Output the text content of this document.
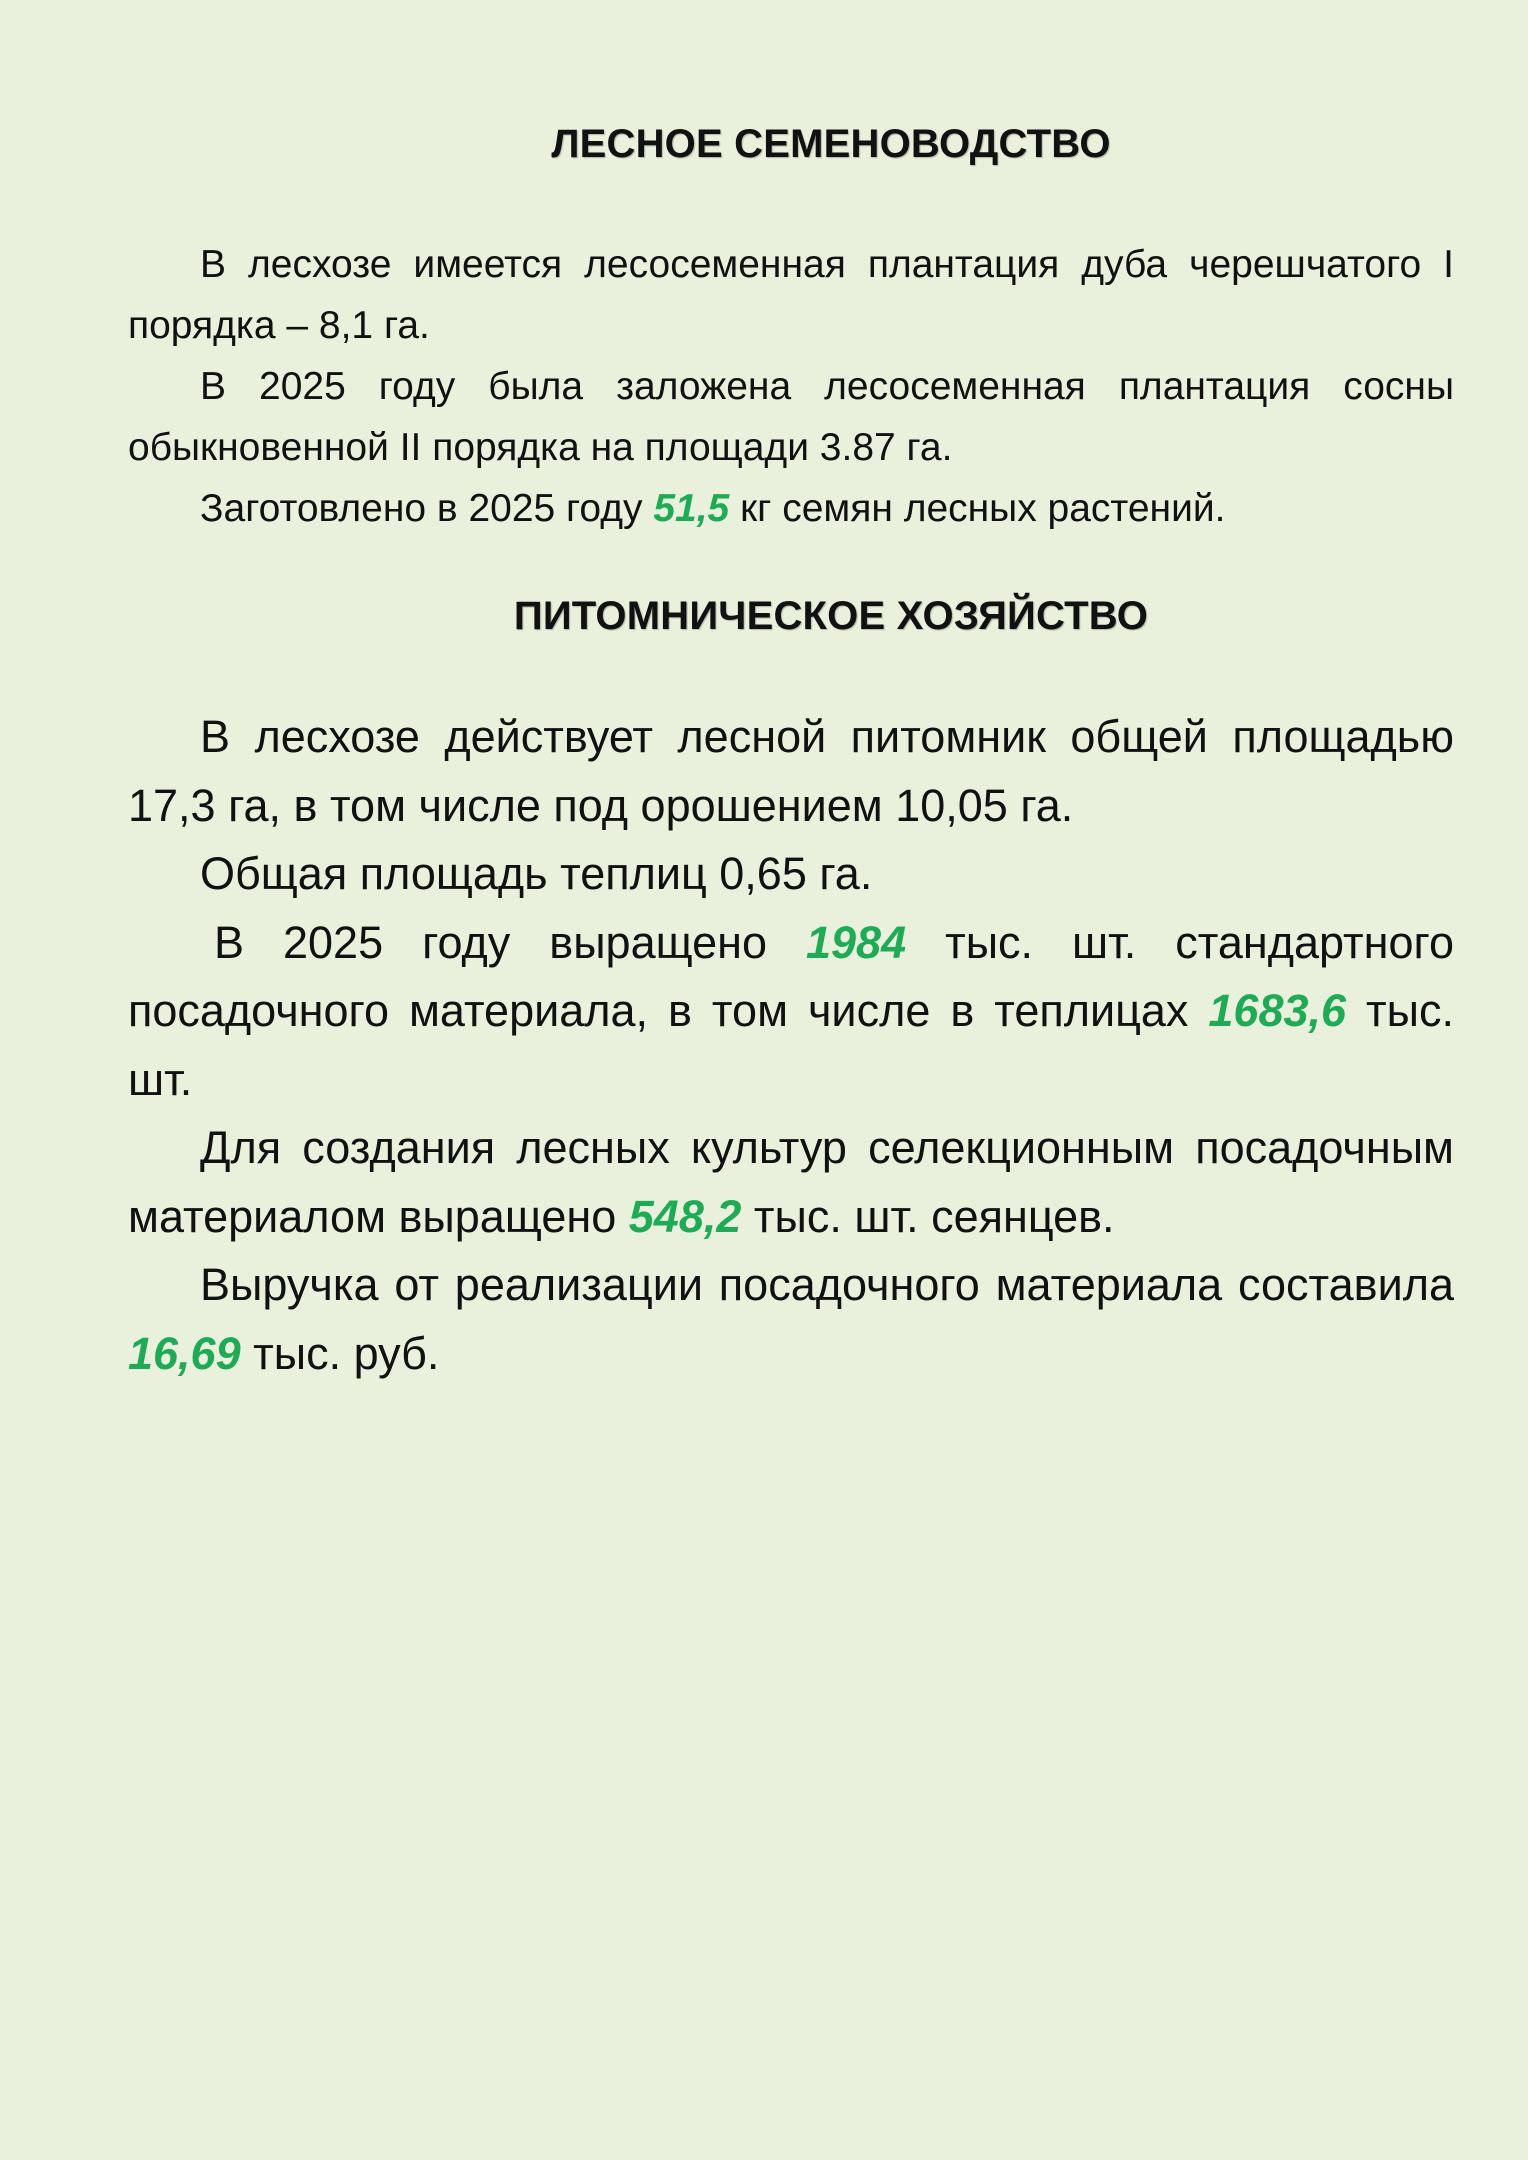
ЛЕСНОЕ СЕМЕНОВОДСТВО

В лесхозе имеется лесосеменная плантация дуба черешчатого I порядка – 8,1 га.

В 2025 году была заложена лесосеменная плантация сосны обыкновенной II порядка на площади 3.87 га.

Заготовлено в 2025 году 51,5 кг семян лесных растений.

ПИТОМНИЧЕСКОЕ ХОЗЯЙСТВО

В лесхозе действует лесной питомник общей площадью 17,3 га, в том числе под орошением 10,05 га.

Общая площадь теплиц 0,65 га.

В 2025 году выращено 1984 тыс. шт. стандартного посадочного материала, в том числе в теплицах 1683,6 тыс. шт.

Для создания лесных культур селекционным посадочным материалом выращено 548,2 тыс. шт. сеянцев.

Выручка от реализации посадочного материала составила 16,69 тыс. руб.
